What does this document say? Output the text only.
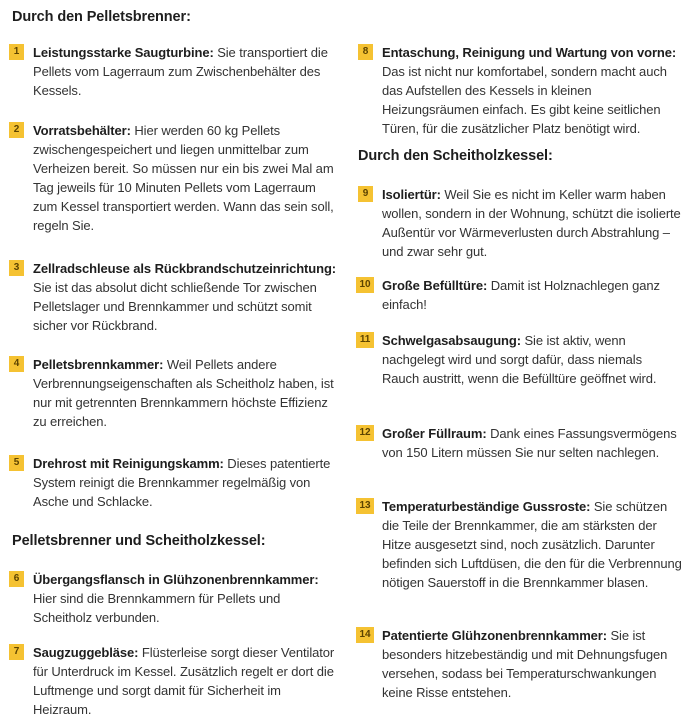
Durch den Pelletsbrenner:
1	Leistungsstarke Saugturbine: Sie transportiert die Pellets vom Lagerraum zum Zwischenbehälter des Kessels.
2	Vorratsbehälter: Hier werden 60 kg Pellets zwischengespeichert und liegen unmittelbar zum Verheizen bereit. So müssen nur ein bis zwei Mal am Tag jeweils für 10 Minuten Pellets vom Lagerraum zum Kessel transportiert werden. Wann das sein soll, regeln Sie.
3	Zellradschleuse als Rückbrandschutzeinrichtung: Sie ist das absolut dicht schließende Tor zwischen Pelletslager und Brennkammer und schützt somit sicher vor Rückbrand.
4	Pelletsbrennkammer: Weil Pellets andere Verbrennungseigenschaften als Scheitholz haben, ist nur mit getrennten Brennkammern höchste Effizienz zu erreichen.
5	Drehrost mit Reinigungskamm: Dieses patentierte System reinigt die Brennkammer regelmäßig von Asche und Schlacke.
Pelletsbrenner und Scheitholzkessel:
6	Übergangsflansch in Glühzonenbrennkammer: Hier sind die Brennkammern für Pellets und Scheitholz verbunden.
7	Saugzuggebläse: Flüsterleise sorgt dieser Ventilator für Unterdruck im Kessel. Zusätzlich regelt er dort die Luftmenge und sorgt damit für Sicherheit im Heizraum.
8	Entaschung, Reinigung und Wartung von vorne: Das ist nicht nur komfortabel, sondern macht auch das Aufstellen des Kessels in kleinen Heizungsräumen einfach. Es gibt keine seitlichen Türen, für die zusätzlicher Platz benötigt wird.
Durch den Scheitholzkessel:
9	Isoliertür: Weil Sie es nicht im Keller warm haben wollen, sondern in der Wohnung, schützt die isolierte Außentür vor Wärmeverlusten durch Abstrahlung – und zwar sehr gut.
10 Große Befülltüre: Damit ist Holznachlegen ganz einfach!
11 Schwelgasabsaugung: Sie ist aktiv, wenn nachgelegt wird und sorgt dafür, dass niemals Rauch austritt, wenn die Befülltüre geöffnet wird.
12 Großer Füllraum: Dank eines Fassungsvermögens von 150 Litern müssen Sie nur selten nachlegen.
13 Temperaturbeständige Gussroste: Sie schützen die Teile der Brennkammer, die am stärksten der Hitze ausgesetzt sind, noch zusätzlich. Darunter befinden sich Luftdüsen, die den für die Verbrennung nötigen Sauerstoff in die Brennkammer blasen.
14 Patentierte Glühzonenbrennkammer: Sie ist besonders hitzebeständig und mit Dehnungsfugen versehen, sodass bei Temperaturschwankungen keine Risse entstehen.
